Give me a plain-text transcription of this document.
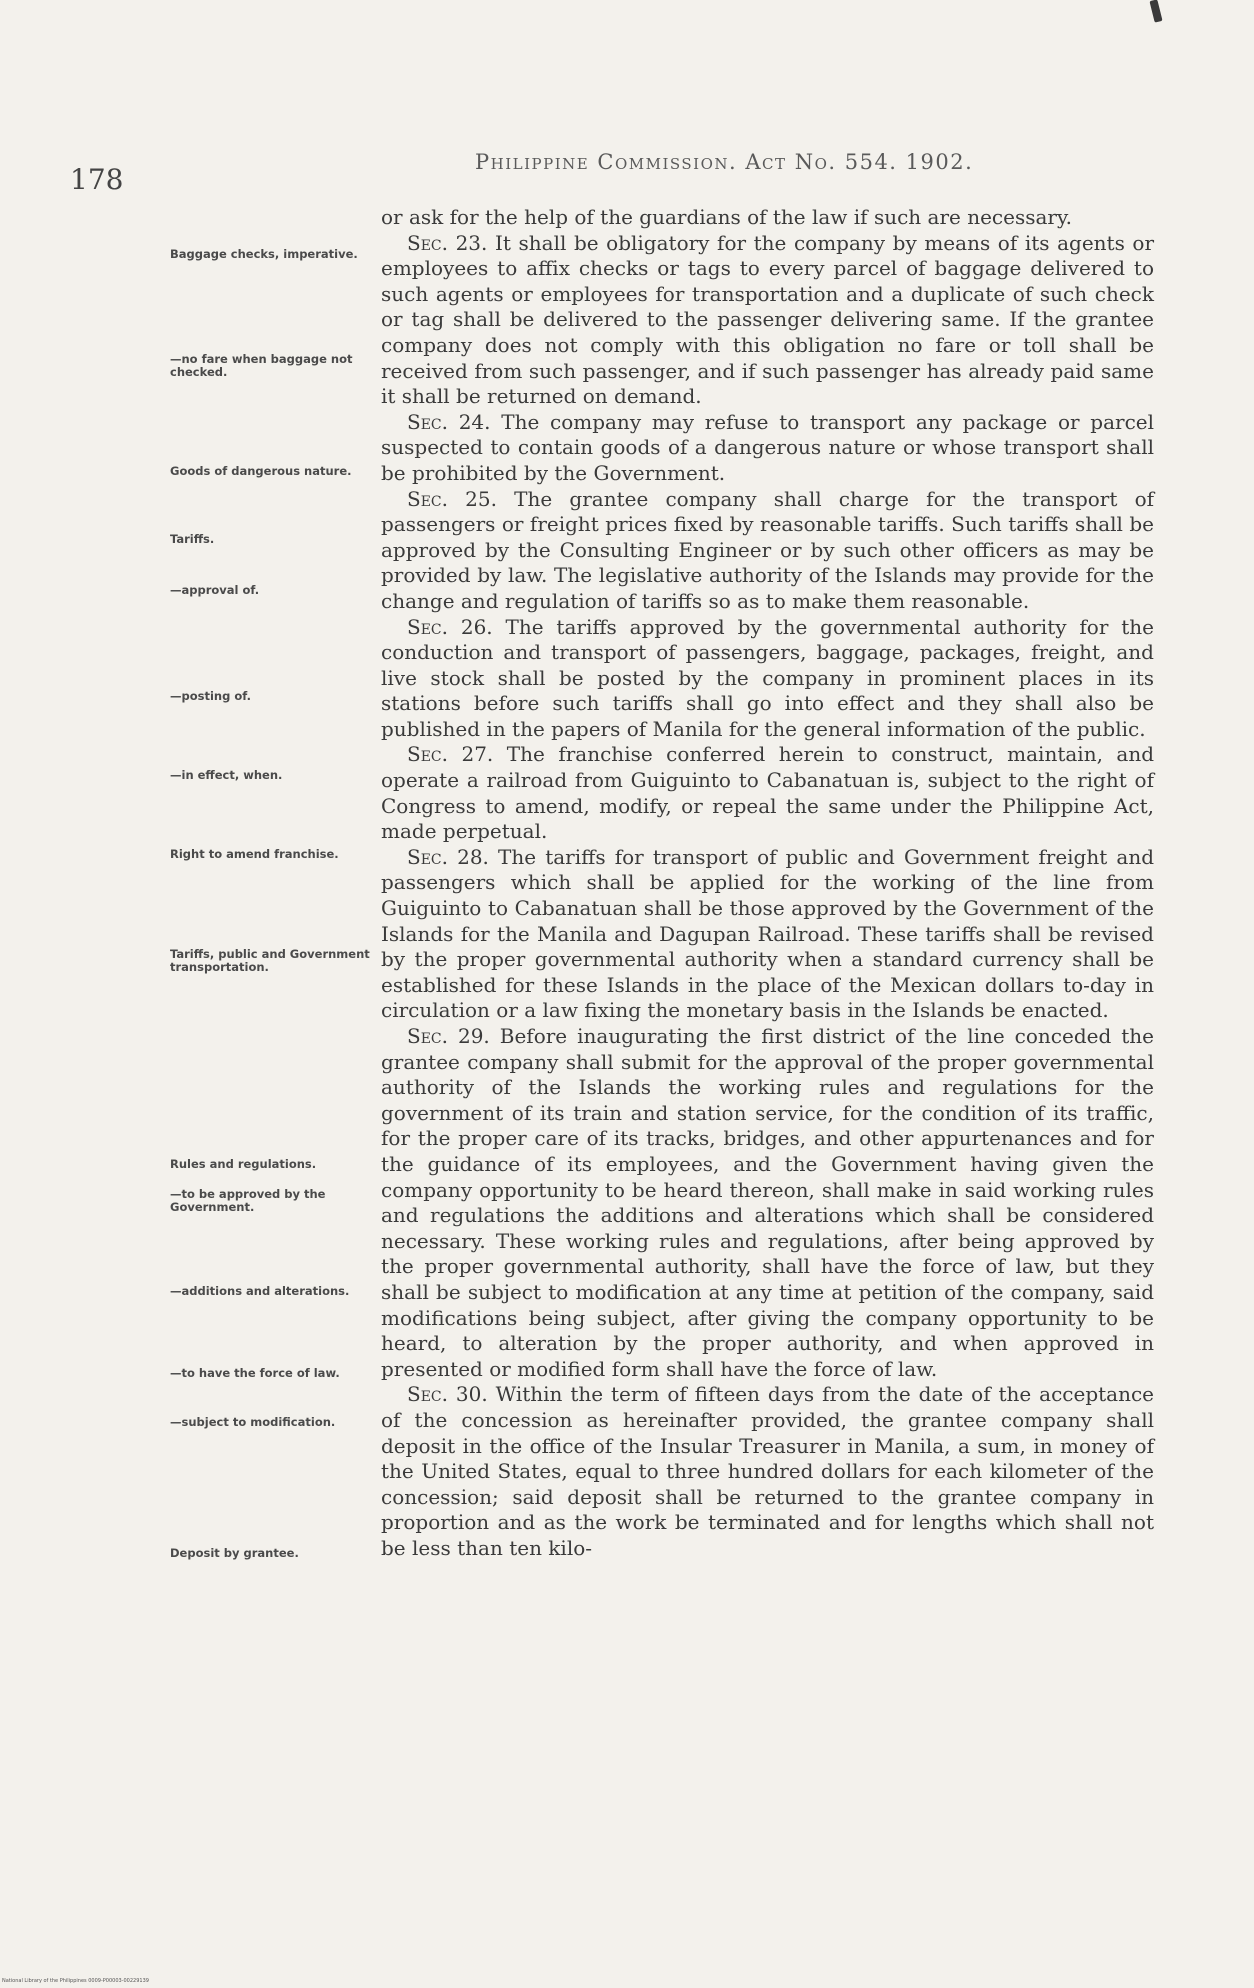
178
Philippine Commission. Act No. 554. 1902.
Baggage checks, imperative.
—no fare when baggage not checked.
Goods of dangerous nature.
Tariffs.
—approval of.
—posting of.
—in effect, when.
Right to amend franchise.
Tariffs, public and Government transportation.
Rules and regulations.
—to be approved by the Government.
—additions and alterations.
—to have the force of law.
—subject to modification.
Deposit by grantee.

or ask for the help of the guardians of the law if such are necessary.

Sec. 23. It shall be obligatory for the company by means of its agents or employees to affix checks or tags to every parcel of baggage delivered to such agents or employees for transportation and a duplicate of such check or tag shall be delivered to the passenger delivering same. If the grantee company does not comply with this obligation no fare or toll shall be received from such passenger, and if such passenger has already paid same it shall be returned on demand.

Sec. 24. The company may refuse to transport any package or parcel suspected to contain goods of a dangerous nature or whose transport shall be prohibited by the Government.

Sec. 25. The grantee company shall charge for the transport of passengers or freight prices fixed by reasonable tariffs. Such tariffs shall be approved by the Consulting Engineer or by such other officers as may be provided by law. The legislative authority of the Islands may provide for the change and regulation of tariffs so as to make them reasonable.

Sec. 26. The tariffs approved by the governmental authority for the conduction and transport of passengers, baggage, packages, freight, and live stock shall be posted by the company in prominent places in its stations before such tariffs shall go into effect and they shall also be published in the papers of Manila for the general information of the public.

Sec. 27. The franchise conferred herein to construct, maintain, and operate a railroad from Guiguinto to Cabanatuan is, subject to the right of Congress to amend, modify, or repeal the same under the Philippine Act, made perpetual.

Sec. 28. The tariffs for transport of public and Government freight and passengers which shall be applied for the working of the line from Guiguinto to Cabanatuan shall be those approved by the Government of the Islands for the Manila and Dagupan Railroad. These tariffs shall be revised by the proper governmental authority when a standard currency shall be established for these Islands in the place of the Mexican dollars to-day in circulation or a law fixing the monetary basis in the Islands be enacted.

Sec. 29. Before inaugurating the first district of the line conceded the grantee company shall submit for the approval of the proper governmental authority of the Islands the working rules and regulations for the government of its train and station service, for the condition of its traffic, for the proper care of its tracks, bridges, and other appurtenances and for the guidance of its employees, and the Government having given the company opportunity to be heard thereon, shall make in said working rules and regulations the additions and alterations which shall be considered necessary. These working rules and regulations, after being approved by the proper governmental authority, shall have the force of law, but they shall be subject to modification at any time at petition of the company, said modifications being subject, after giving the company opportunity to be heard, to alteration by the proper authority, and when approved in presented or modified form shall have the force of law.

Sec. 30. Within the term of fifteen days from the date of the acceptance of the concession as hereinafter provided, the grantee company shall deposit in the office of the Insular Treasurer in Manila, a sum, in money of the United States, equal to three hundred dollars for each kilometer of the concession; said deposit shall be returned to the grantee company in proportion and as the work be terminated and for lengths which shall not be less than ten kilo-

National Library of the Philippines 0009-P00003-00229139
